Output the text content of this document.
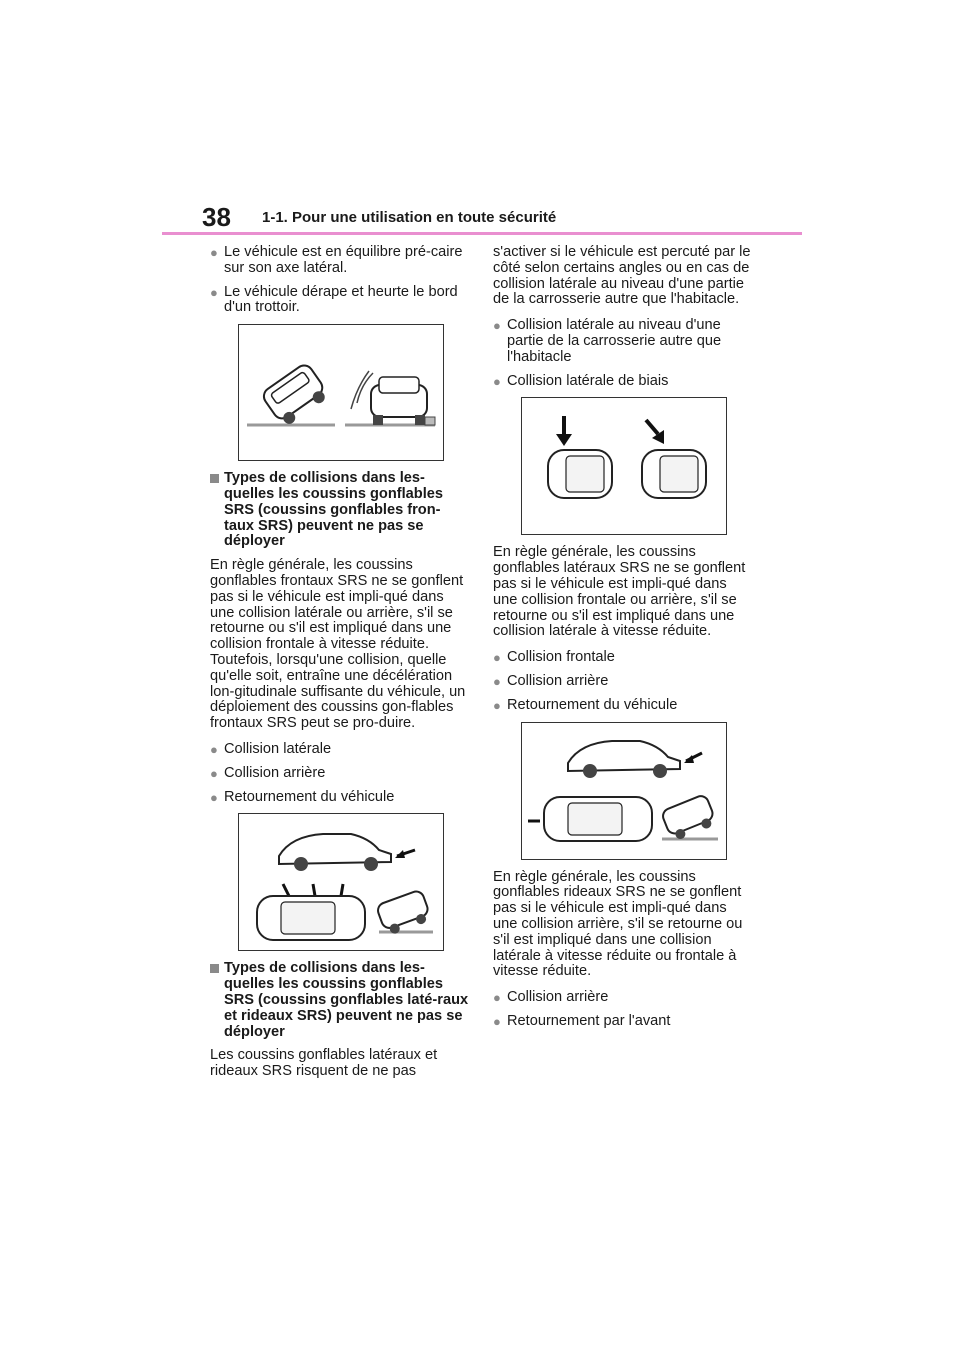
38 1-1. Pour une utilisation en toute sécurité
● Le véhicule est en équilibre pré-caire sur son axe latéral.
● Le véhicule dérape et heurte le bord d'un trottoir.
Types de collisions dans les-quelles les coussins gonflables SRS (coussins gonflables fron-taux SRS) peuvent ne pas se déployer

En règle générale, les coussins gonflables frontaux SRS ne se gonflent pas si le véhicule est impli-qué dans une collision latérale ou arrière, s'il se retourne ou s'il est impliqué dans une collision frontale à vitesse réduite. Toutefois, lorsqu'une collision, quelle qu'elle soit, entraîne une décélération lon-gitudinale suffisante du véhicule, un déploiement des coussins gon-flables frontaux SRS peut se pro-duire.

● Collision latérale
● Collision arrière
● Retournement du véhicule
Types de collisions dans les-quelles les coussins gonflables SRS (coussins gonflables laté-raux et rideaux SRS) peuvent ne pas se déployer

Les coussins gonflables latéraux et rideaux SRS risquent de ne pas

s'activer si le véhicule est percuté par le côté selon certains angles ou en cas de collision latérale au niveau d'une partie de la carrosserie autre que l'habitacle.

● Collision latérale au niveau d'une partie de la carrosserie autre que l'habitacle
● Collision latérale de biais

En règle générale, les coussins gonflables latéraux SRS ne se gonflent pas si le véhicule est impli-qué dans une collision frontale ou arrière, s'il se retourne ou s'il est impliqué dans une collision latérale à vitesse réduite.

● Collision frontale
● Collision arrière
● Retournement du véhicule

En règle générale, les coussins gonflables rideaux SRS ne se gonflent pas si le véhicule est impli-qué dans une collision arrière, s'il se retourne ou s'il est impliqué dans une collision latérale à vitesse réduite ou frontale à vitesse réduite.

● Collision arrière
● Retournement par l'avant
